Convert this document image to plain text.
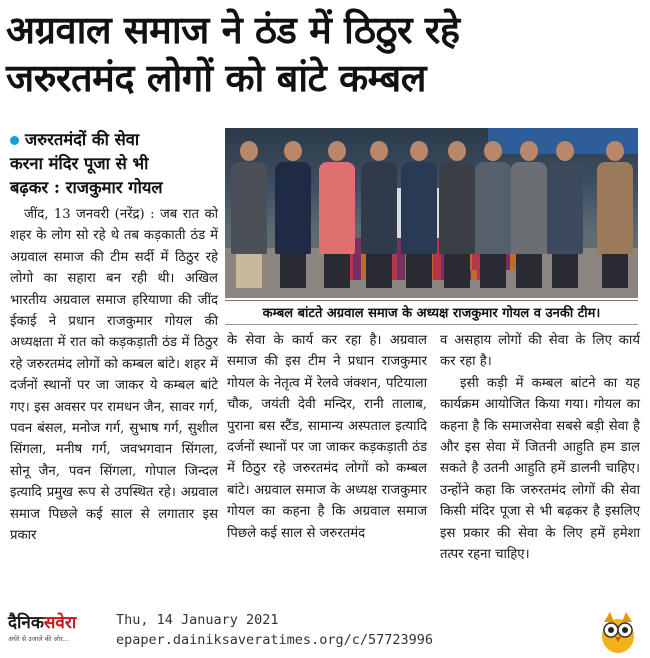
अग्रवाल समाज ने ठंड में ठिठुर रहे
जरुरतमंद लोगों को बांटे कम्बल
जरुरतमंदों की सेवा
करना मंदिर पूजा से भी
बढ़कर : राजकुमार गोयल

जींद, 13 जनवरी (नरेंद्र) : जब रात को शहर के लोग सो रहे थे तब कड़काती ठंड में अग्रवाल समाज की टीम सर्दी में ठिठुर रहे लोगो का सहारा बन रही थी। अखिल भारतीय अग्रवाल समाज हरियाणा की जींद ईकाई ने प्रधान राजकुमार गोयल की अध्यक्षता में रात को कड़कड़ाती ठंड में ठिठुर रहे जरुरतमंद लोगों को कम्बल बांटे। शहर में दर्जनों स्थानों पर जा जाकर ये कम्बल बांटे गए। इस अवसर पर रामधन जैन, सावर गर्ग, पवन बंसल, मनोज गर्ग, सुभाष गर्ग, सुशील सिंगला, मनीष गर्ग, जवभगवान सिंगला, सोनू जैन, पवन सिंगला, गोपाल जिन्दल इत्यादि प्रमुख रूप से उपस्थित रहे। अग्रवाल समाज पिछले कई साल से लगातार इस प्रकार

कम्बल बांटते अग्रवाल समाज के अध्यक्ष राजकुमार गोयल व उनकी टीम।

के सेवा के कार्य कर रहा है। अग्रवाल समाज की इस टीम ने प्रधान राजकुमार गोयल के नेतृत्व में रेलवे जंक्शन, पटियाला चौक, जयंती देवी मन्दिर, रानी तालाब, पुराना बस स्टैंड, सामान्य अस्पताल इत्यादि दर्जनों स्थानों पर जा जाकर कड़कड़ाती ठंड में ठिठुर रहे जरुरतमंद लोगों को कम्बल बांटे। अग्रवाल समाज के अध्यक्ष राजकुमार गोयल का कहना है कि अग्रवाल समाज पिछले कई साल से जरुरतमंद

व असहाय लोगों की सेवा के लिए कार्य कर रहा है।

इसी कड़ी में कम्बल बांटने का यह कार्यक्रम आयोजित किया गया। गोयल का कहना है कि समाजसेवा सबसे बड़ी सेवा है और इस सेवा में जितनी आहुति हम डाल सकते है उतनी आहुति हमें डालनी चाहिए। उन्होंने कहा कि जरुरतमंद लोगों की सेवा किसी मंदिर पूजा से भी बढ़कर है इसलिए इस प्रकार की सेवा के लिए हमें हमेशा तत्पर रहना चाहिए।

दैनिकसवेरा
अंधेरे से उजाले की ओर...
Thu, 14 January 2021
epaper.dainiksaveratimes.org/c/57723996
